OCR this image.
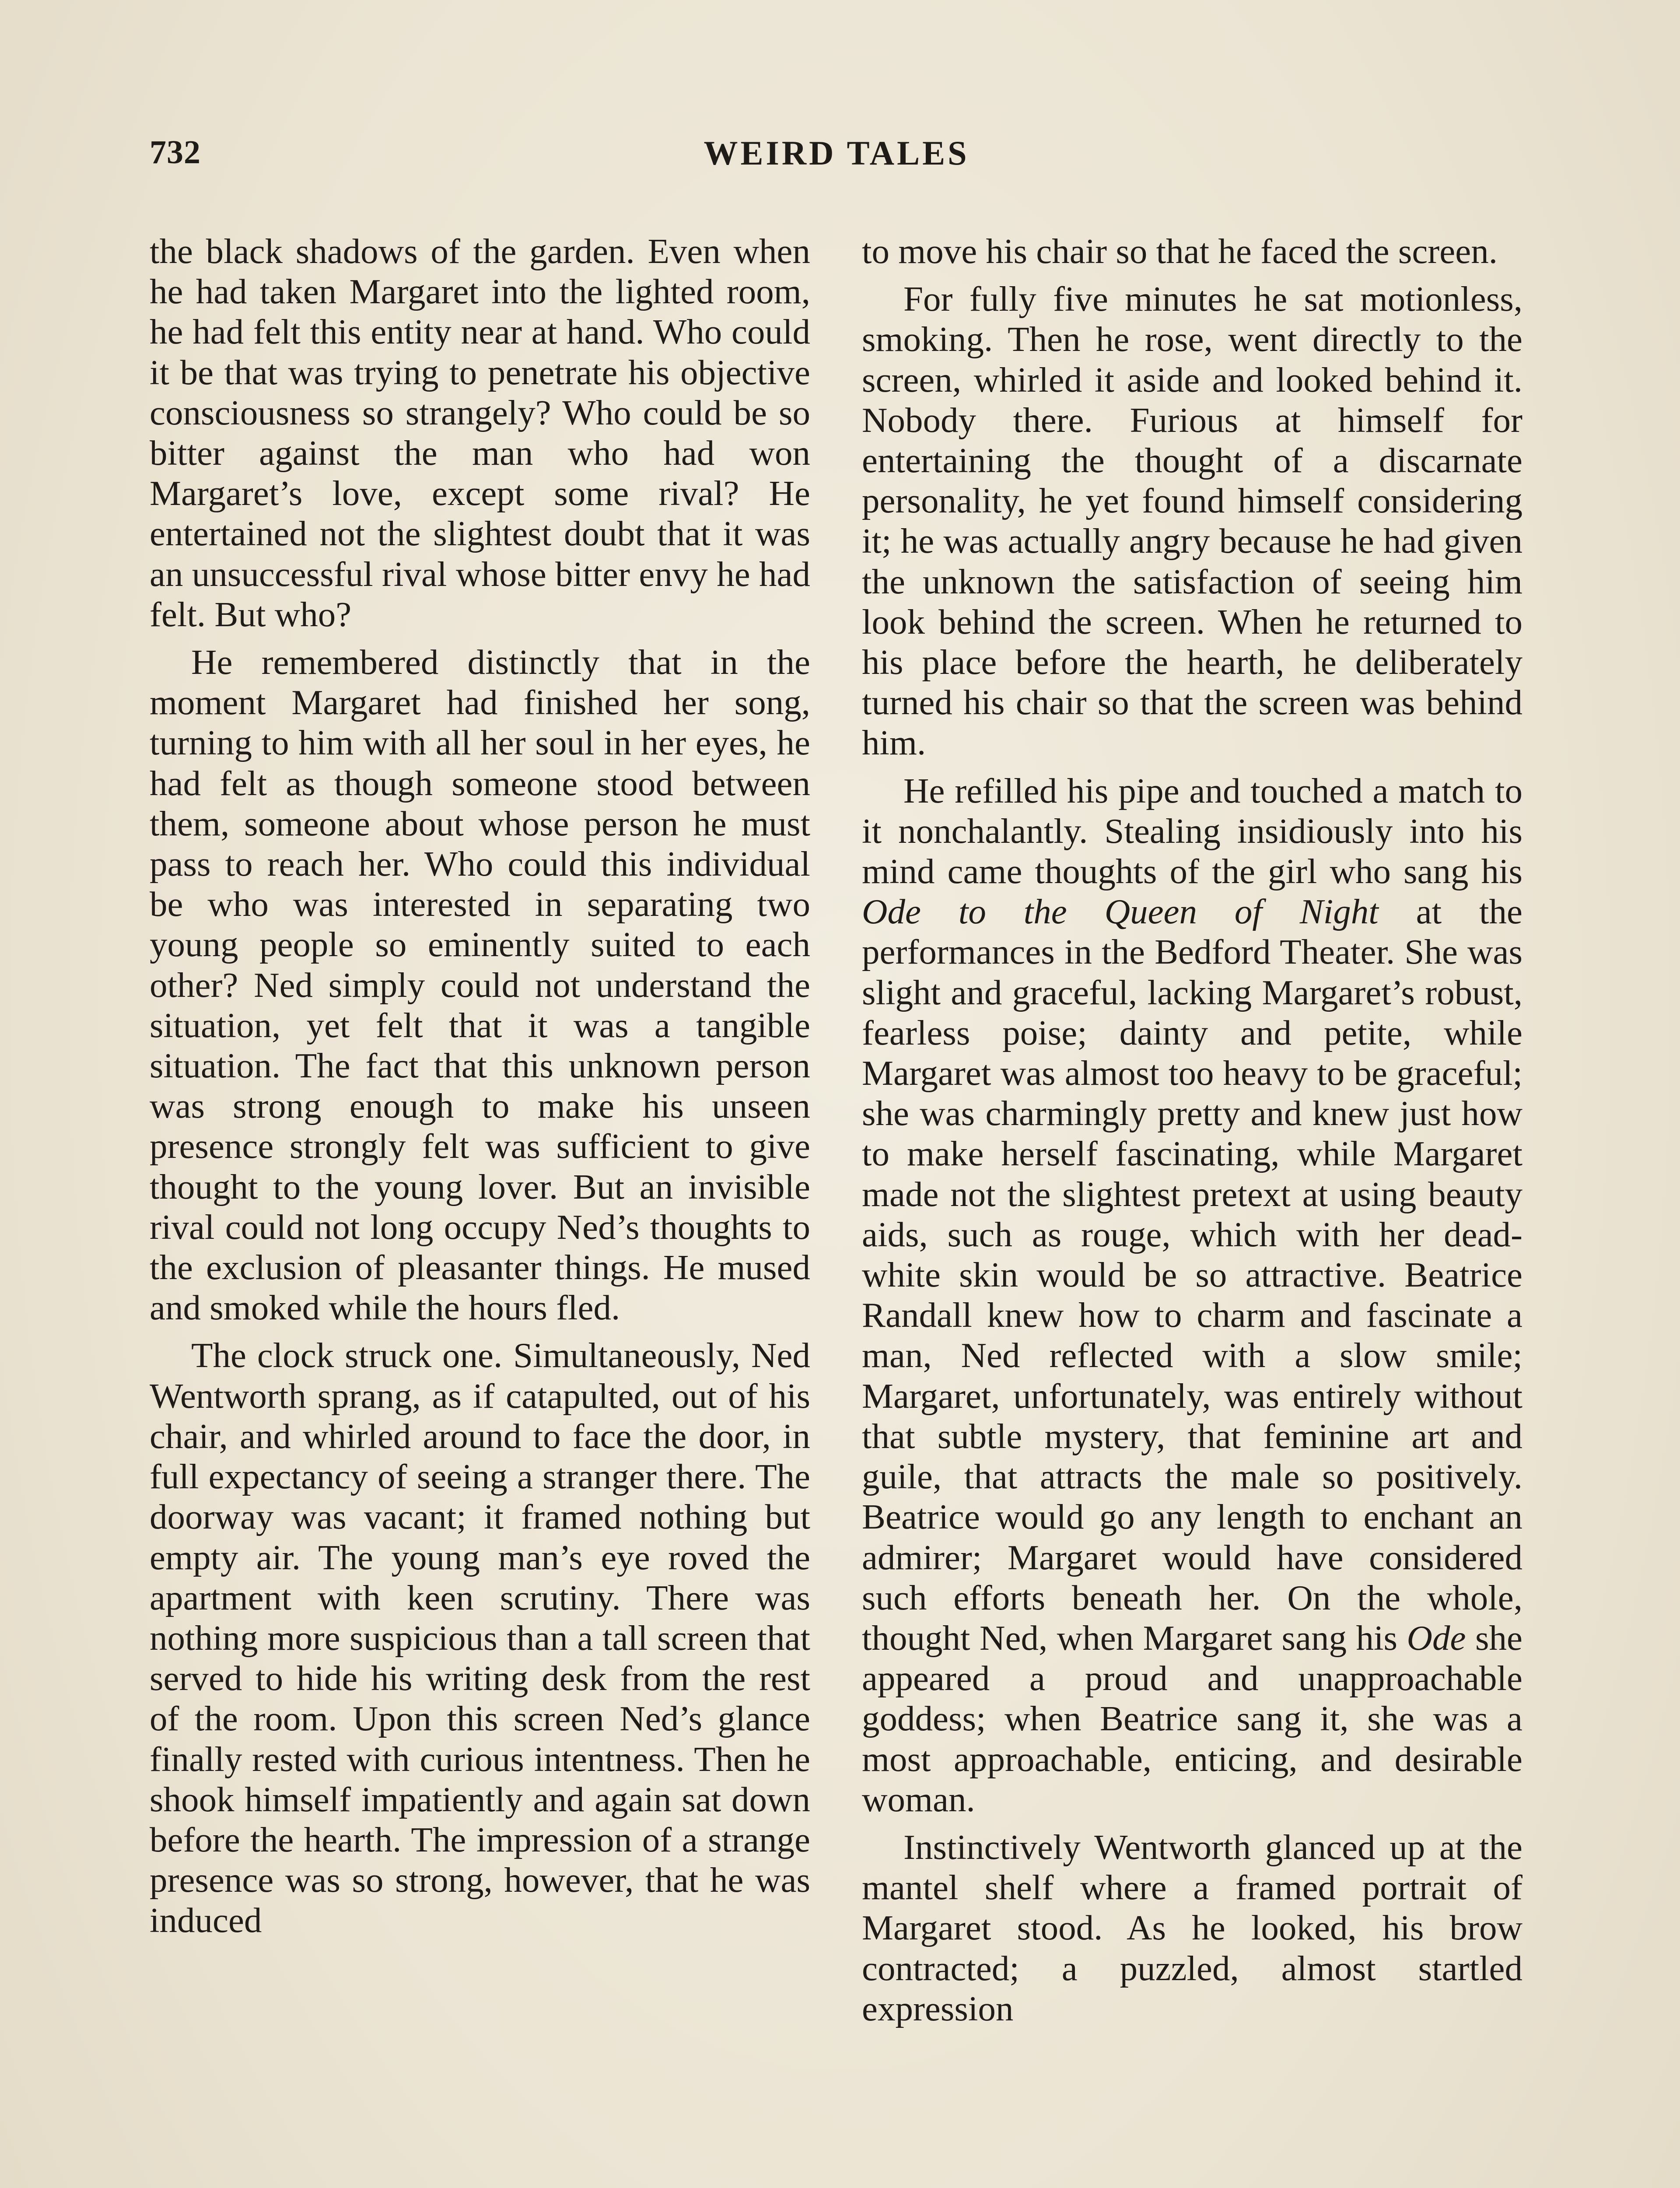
732	WEIRD TALES

the black shadows of the garden. Even when he had taken Margaret into the lighted room, he had felt this entity near at hand. Who could it be that was trying to penetrate his objective consciousness so strangely? Who could be so bitter against the man who had won Margaret’s love, except some rival? He entertained not the slightest doubt that it was an unsuccessful rival whose bitter envy he had felt. But who?

He remembered distinctly that in the moment Margaret had finished her song, turning to him with all her soul in her eyes, he had felt as though someone stood between them, someone about whose person he must pass to reach her. Who could this individual be who was interested in separating two young people so eminently suited to each other? Ned simply could not understand the situation, yet felt that it was a tangible situation. The fact that this unknown person was strong enough to make his unseen presence strongly felt was sufficient to give thought to the young lover. But an invisible rival could not long occupy Ned’s thoughts to the exclusion of pleasanter things. He mused and smoked while the hours fled.

The clock struck one. Simultaneously, Ned Wentworth sprang, as if catapulted, out of his chair, and whirled around to face the door, in full expectancy of seeing a stranger there. The doorway was vacant; it framed nothing but empty air. The young man’s eye roved the apartment with keen scrutiny. There was nothing more suspicious than a tall screen that served to hide his writing desk from the rest of the room. Upon this screen Ned’s glance finally rested with curious intentness. Then he shook himself impatiently and again sat down before the hearth. The impression of a strange presence was so strong, however, that he was induced

to move his chair so that he faced the screen.

For fully five minutes he sat motionless, smoking. Then he rose, went directly to the screen, whirled it aside and looked behind it. Nobody there. Furious at himself for entertaining the thought of a discarnate personality, he yet found himself considering it; he was actually angry because he had given the unknown the satisfaction of seeing him look behind the screen. When he returned to his place before the hearth, he deliberately turned his chair so that the screen was behind him.

He refilled his pipe and touched a match to it nonchalantly. Stealing insidiously into his mind came thoughts of the girl who sang his Ode to the Queen of Night at the performances in the Bedford Theater. She was slight and graceful, lacking Margaret’s robust, fearless poise; dainty and petite, while Margaret was almost too heavy to be graceful; she was charmingly pretty and knew just how to make herself fascinating, while Margaret made not the slightest pretext at using beauty aids, such as rouge, which with her dead-white skin would be so attractive. Beatrice Randall knew how to charm and fascinate a man, Ned reflected with a slow smile; Margaret, unfortunately, was entirely without that subtle mystery, that feminine art and guile, that attracts the male so positively. Beatrice would go any length to enchant an admirer; Margaret would have considered such efforts beneath her. On the whole, thought Ned, when Margaret sang his Ode she appeared a proud and unapproachable goddess; when Beatrice sang it, she was a most approachable, enticing, and desirable woman.

Instinctively Wentworth glanced up at the mantel shelf where a framed portrait of Margaret stood. As he looked, his brow contracted; a puzzled, almost startled expression
